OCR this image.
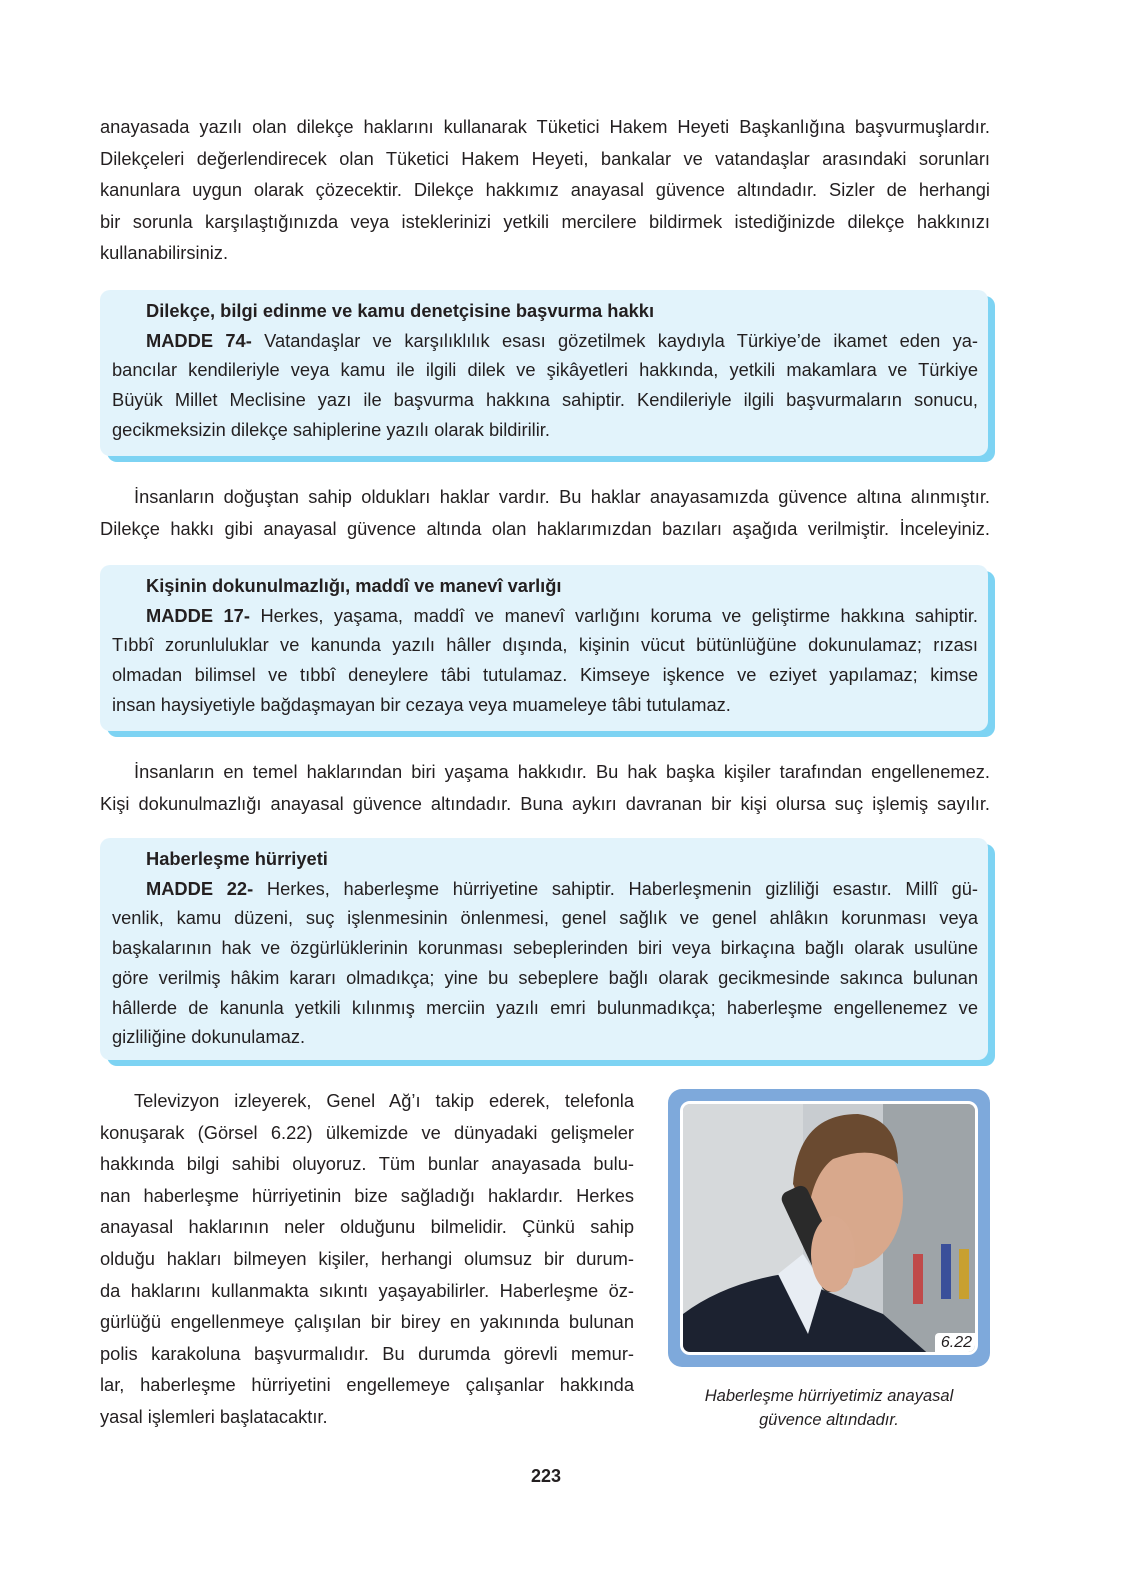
anayasada yazılı olan dilekçe haklarını kullanarak Tüketici Hakem Heyeti Başkanlığına başvurmuşlardır.
Dilekçeleri değerlendirecek olan Tüketici Hakem Heyeti, bankalar ve vatandaşlar arasındaki sorunları
kanunlara uygun olarak çözecektir. Dilekçe hakkımız anayasal güvence altındadır. Sizler de herhangi
bir sorunla karşılaştığınızda veya isteklerinizi yetkili mercilere bildirmek istediğinizde dilekçe hakkınızı
kullanabilirsiniz.
Dilekçe, bilgi edinme ve kamu denetçisine başvurma hakkı
MADDE 74- Vatandaşlar ve karşılıklılık esası gözetilmek kaydıyla Türkiye’de ikamet eden ya-
bancılar kendileriyle veya kamu ile ilgili dilek ve şikâyetleri hakkında, yetkili makamlara ve Türkiye
Büyük Millet Meclisine yazı ile başvurma hakkına sahiptir. Kendileriyle ilgili başvurmaların sonucu,
gecikmeksizin dilekçe sahiplerine yazılı olarak bildirilir.
İnsanların doğuştan sahip oldukları haklar vardır. Bu haklar anayasamızda güvence altına alınmıştır.
Dilekçe hakkı gibi anayasal güvence altında olan haklarımızdan bazıları aşağıda verilmiştir. İnceleyiniz.
Kişinin dokunulmazlığı, maddî ve manevî varlığı
MADDE 17- Herkes, yaşama, maddî ve manevî varlığını koruma ve geliştirme hakkına sahiptir.
Tıbbî zorunluluklar ve kanunda yazılı hâller dışında, kişinin vücut bütünlüğüne dokunulamaz; rızası
olmadan bilimsel ve tıbbî deneylere tâbi tutulamaz. Kimseye işkence ve eziyet yapılamaz; kimse
insan haysiyetiyle bağdaşmayan bir cezaya veya muameleye tâbi tutulamaz.
İnsanların en temel haklarından biri yaşama hakkıdır. Bu hak başka kişiler tarafından engellenemez.
Kişi dokunulmazlığı anayasal güvence altındadır. Buna aykırı davranan bir kişi olursa suç işlemiş sayılır.
Haberleşme hürriyeti
MADDE 22- Herkes, haberleşme hürriyetine sahiptir. Haberleşmenin gizliliği esastır. Millî gü-
venlik, kamu düzeni, suç işlenmesinin önlenmesi, genel sağlık ve genel ahlâkın korunması veya
başkalarının hak ve özgürlüklerinin korunması sebeplerinden biri veya birkaçına bağlı olarak usulüne
göre verilmiş hâkim kararı olmadıkça; yine bu sebeplere bağlı olarak gecikmesinde sakınca bulunan
hâllerde de kanunla yetkili kılınmış merciin yazılı emri bulunmadıkça; haberleşme engellenemez ve
gizliliğine dokunulamaz.
Televizyon izleyerek, Genel Ağ’ı takip ederek, telefonla
konuşarak (Görsel 6.22) ülkemizde ve dünyadaki gelişmeler
hakkında bilgi sahibi oluyoruz. Tüm bunlar anayasada bulu-
nan haberleşme hürriyetinin bize sağladığı haklardır. Herkes
anayasal haklarının neler olduğunu bilmelidir. Çünkü sahip
olduğu hakları bilmeyen kişiler, herhangi olumsuz bir durum-
da haklarını kullanmakta sıkıntı yaşayabilirler. Haberleşme öz-
gürlüğü engellenmeye çalışılan bir birey en yakınında bulunan
polis karakoluna başvurmalıdır. Bu durumda görevli memur-
lar, haberleşme hürriyetini engellemeye çalışanlar hakkında
yasal işlemleri başlatacaktır.
6.22
Haberleşme hürriyetimiz anayasal
güvence altındadır.
223
